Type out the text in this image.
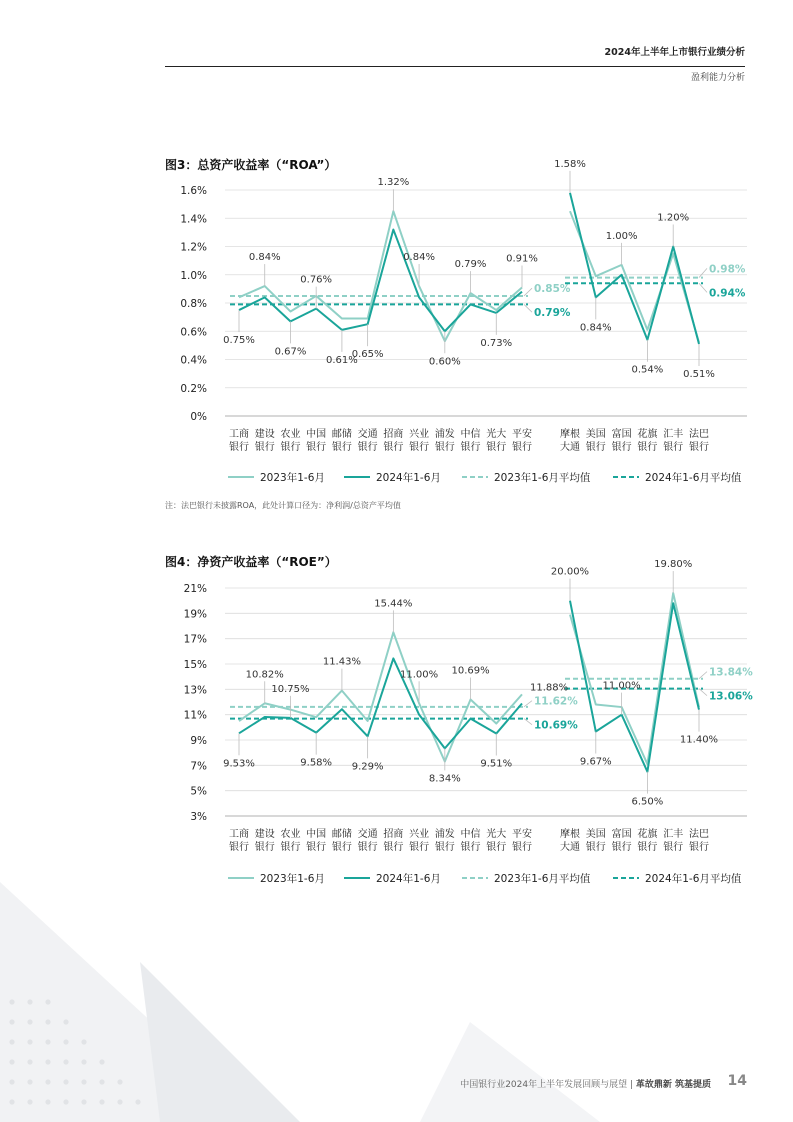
2024年上半年上市银行业绩分析
盈利能力分析
图3：总资产收益率（“ROA”）
0%
0.2%
0.4%
0.6%
0.8%
1.0%
1.2%
1.4%
1.6%
工商
银行
建设
银行
农业
银行
中国
银行
邮储
银行
交通
银行
招商
银行
兴业
银行
浦发
银行
中信
银行
光大
银行
平安
银行
0.85%
0.79%
摩根
大通
美国
银行
富国
银行
花旗
银行
汇丰
银行
法巴
银行
0.98%
0.94%
0.75%
0.84%
0.67%
0.76%
0.61%
0.65%
1.32%
0.84%
0.60%
0.79%
0.73%
0.91%
1.58%
0.84%
1.00%
0.54%
1.20%
0.51%
2023年1-6月	2024年1-6月	2023年1-6月平均值	2024年1-6月平均值
注：法巴银行未披露ROA，此处计算口径为：净利润/总资产平均值
图4：净资产收益率（“ROE”）
3%
5%
7%
9%
11%
13%
15%
17%
19%
21%
工商
银行
建设
银行
农业
银行
中国
银行
邮储
银行
交通
银行
招商
银行
兴业
银行
浦发
银行
中信
银行
光大
银行
平安
银行
11.62%
10.69%
摩根
大通
美国
银行
富国
银行
花旗
银行
汇丰
银行
法巴
银行
13.84%
13.06%
9.53%
10.82%
10.75%
9.58%
11.43%
9.29%
15.44%
11.00%
8.34%
10.69%
9.51%
11.88%
20.00%
9.67%
11.00%
6.50%
19.80%
11.40%
2023年1-6月	2024年1-6月	2023年1-6月平均值	2024年1-6月平均值
中国银行业2024年上半年发展回顾与展望 | 革故鼎新 筑基提质 14
